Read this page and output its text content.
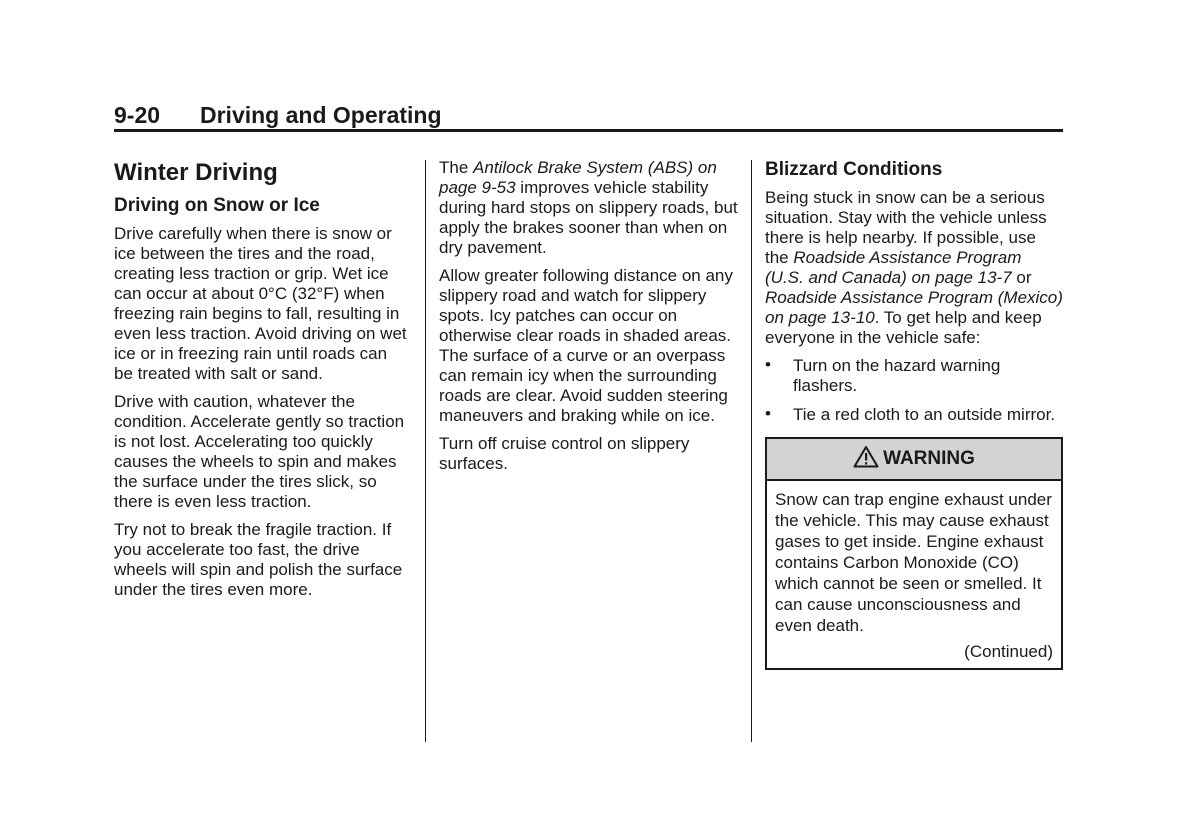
9-20 Driving and Operating
Winter Driving
Driving on Snow or Ice

Drive carefully when there is snow or ice between the tires and the road, creating less traction or grip. Wet ice can occur at about 0°C (32°F) when freezing rain begins to fall, resulting in even less traction. Avoid driving on wet ice or in freezing rain until roads can be treated with salt or sand.

Drive with caution, whatever the condition. Accelerate gently so traction is not lost. Accelerating too quickly causes the wheels to spin and makes the surface under the tires slick, so there is even less traction.

Try not to break the fragile traction. If you accelerate too fast, the drive wheels will spin and polish the surface under the tires even more.

The Antilock Brake System (ABS) on page 9-53 improves vehicle stability during hard stops on slippery roads, but apply the brakes sooner than when on dry pavement.

Allow greater following distance on any slippery road and watch for slippery spots. Icy patches can occur on otherwise clear roads in shaded areas. The surface of a curve or an overpass can remain icy when the surrounding roads are clear. Avoid sudden steering maneuvers and braking while on ice.

Turn off cruise control on slippery surfaces.

Blizzard Conditions

Being stuck in snow can be a serious situation. Stay with the vehicle unless there is help nearby. If possible, use the Roadside Assistance Program (U.S. and Canada) on page 13-7 or Roadside Assistance Program (Mexico) on page 13-10. To get help and keep everyone in the vehicle safe:

• Turn on the hazard warning flashers.
• Tie a red cloth to an outside mirror.
WARNING

Snow can trap engine exhaust under the vehicle. This may cause exhaust gases to get inside. Engine exhaust contains Carbon Monoxide (CO) which cannot be seen or smelled. It can cause unconsciousness and even death.

(Continued)
